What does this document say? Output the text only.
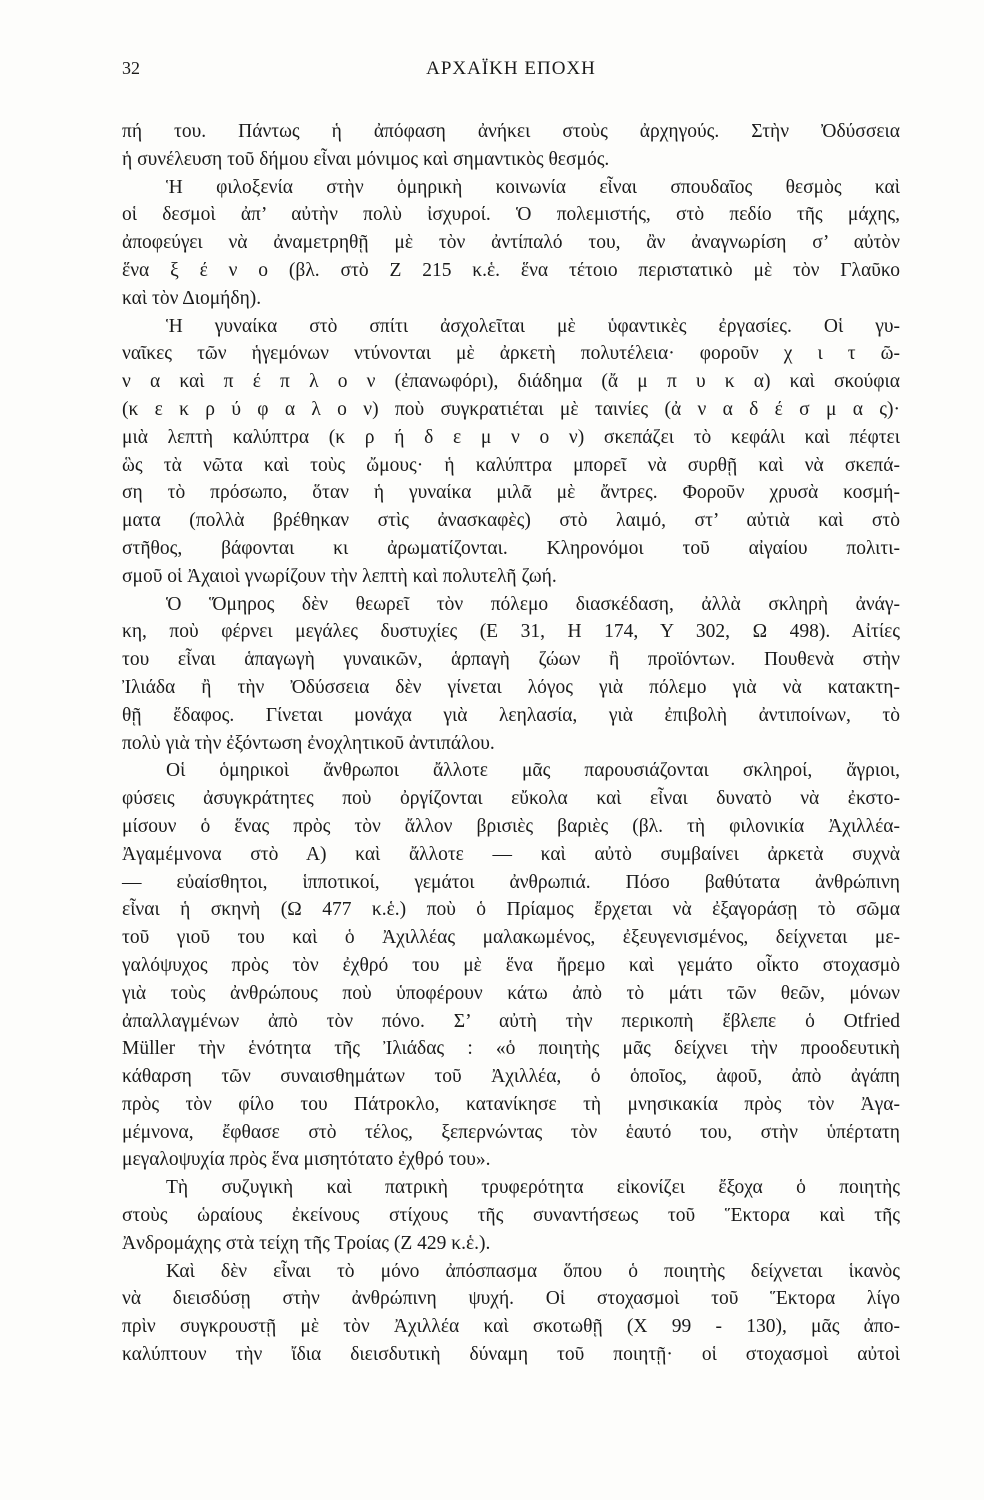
32	ΑΡΧΑΪΚΗ ΕΠΟΧΗ
πή του. Πάντως ἡ ἀπόφαση ἀνήκει στοὺς ἀρχηγούς. Στὴν Ὀδύσσεια
ἡ συνέλευση τοῦ δήμου εἶναι μόνιμος καὶ σημαντικὸς θεσμός.
Ἡ φιλοξενία στὴν ὁμηρικὴ κοινωνία εἶναι σπουδαῖος θεσμὸς καὶ
οἱ δεσμοὶ ἀπ’ αὐτὴν πολὺ ἰσχυροί. Ὁ πολεμιστής, στὸ πεδίο τῆς μάχης,
ἀποφεύγει νὰ ἀναμετρηθῇ μὲ τὸν ἀντίπαλό του, ἂν ἀναγνωρίση σ’ αὐτὸν
ἕνα ξ έ ν ο (βλ. στὸ Ζ 215 κ.ἑ. ἕνα τέτοιο περιστατικὸ μὲ τὸν Γλαῦκο
καὶ τὸν Διομήδη).
Ἡ γυναίκα στὸ σπίτι ἀσχολεῖται μὲ ὑφαντικὲς ἐργασίες. Οἱ γυ-
ναῖκες τῶν ἡγεμόνων ντύνονται μὲ ἀρκετὴ πολυτέλεια· φοροῦν χ ι τ ῶ-
ν α καὶ π έ π λ ο ν (ἐπανωφόρι), διάδημα (ἄ μ π υ κ α) καὶ σκούφια
(κ ε κ ρ ύ φ α λ ο ν) ποὺ συγκρατιέται μὲ ταινίες (ἀ ν α δ έ σ μ α ς)·
μιὰ λεπτὴ καλύπτρα (κ ρ ή δ ε μ ν ο ν) σκεπάζει τὸ κεφάλι καὶ πέφτει
ὣς τὰ νῶτα καὶ τοὺς ὤμους· ἡ καλύπτρα μπορεῖ νὰ συρθῇ καὶ νὰ σκεπά-
ση τὸ πρόσωπο, ὅταν ἡ γυναίκα μιλᾶ μὲ ἄντρες. Φοροῦν χρυσὰ κοσμή-
ματα (πολλὰ βρέθηκαν στὶς ἀνασκαφὲς) στὸ λαιμό, στ’ αὐτιὰ καὶ στὸ
στῆθος, βάφονται κι ἀρωματίζονται. Κληρονόμοι τοῦ αἰγαίου πολιτι-
σμοῦ οἱ Ἀχαιοὶ γνωρίζουν τὴν λεπτὴ καὶ πολυτελῆ ζωή.
Ὁ Ὅμηρος δὲν θεωρεῖ τὸν πόλεμο διασκέδαση, ἀλλὰ σκληρὴ ἀνάγ-
κη, ποὺ φέρνει μεγάλες δυστυχίες (Ε 31, Η 174, Υ 302, Ω 498). Αἰτίες
του εἶναι ἁπαγωγὴ γυναικῶν, ἁρπαγὴ ζώων ἢ προϊόντων. Πουθενὰ στὴν
Ἰλιάδα ἢ τὴν Ὀδύσσεια δὲν γίνεται λόγος γιὰ πόλεμο γιὰ νὰ κατακτη-
θῇ ἔδαφος. Γίνεται μονάχα γιὰ λεηλασία, γιὰ ἐπιβολὴ ἀντιποίνων, τὸ
πολὺ γιὰ τὴν ἐξόντωση ἐνοχλητικοῦ ἀντιπάλου.
Οἱ ὁμηρικοὶ ἄνθρωποι ἄλλοτε μᾶς παρουσιάζονται σκληροί, ἄγριοι,
φύσεις ἀσυγκράτητες ποὺ ὀργίζονται εὔκολα καὶ εἶναι δυνατὸ νὰ ἐκστο-
μίσουν ὁ ἕνας πρὸς τὸν ἄλλον βρισιὲς βαριὲς (βλ. τὴ φιλονικία Ἀχιλλέα-
Ἀγαμέμνονα στὸ Α) καὶ ἄλλοτε — καὶ αὐτὸ συμβαίνει ἀρκετὰ συχνὰ
— εὐαίσθητοι, ἱπποτικοί, γεμάτοι ἀνθρωπιά. Πόσο βαθύτατα ἀνθρώπινη
εἶναι ἡ σκηνὴ (Ω 477 κ.ἑ.) ποὺ ὁ Πρίαμος ἔρχεται νὰ ἐξαγοράσῃ τὸ σῶμα
τοῦ γιοῦ του καὶ ὁ Ἀχιλλέας μαλακωμένος, ἐξευγενισμένος, δείχνεται με-
γαλόψυχος πρὸς τὸν ἐχθρό του μὲ ἕνα ἤρεμο καὶ γεμάτο οἶκτο στοχασμὸ
γιὰ τοὺς ἀνθρώπους ποὺ ὑποφέρουν κάτω ἀπὸ τὸ μάτι τῶν θεῶν, μόνων
ἀπαλλαγμένων ἀπὸ τὸν πόνο. Σ’ αὐτὴ τὴν περικοπὴ ἔβλεπε ὁ Otfried
Müller τὴν ἑνότητα τῆς Ἰλιάδας : «ὁ ποιητὴς μᾶς δείχνει τὴν προοδευτικὴ
κάθαρση τῶν συναισθημάτων τοῦ Ἀχιλλέα, ὁ ὁποῖος, ἀφοῦ, ἀπὸ ἀγάπη
πρὸς τὸν φίλο του Πάτροκλο, κατανίκησε τὴ μνησικακία πρὸς τὸν Ἀγα-
μέμνονα, ἔφθασε στὸ τέλος, ξεπερνώντας τὸν ἑαυτό του, στὴν ὑπέρτατη
μεγαλοψυχία πρὸς ἕνα μισητότατο ἐχθρό του».
Τὴ συζυγικὴ καὶ πατρικὴ τρυφερότητα εἰκονίζει ἔξοχα ὁ ποιητὴς
στοὺς ὡραίους ἐκείνους στίχους τῆς συναντήσεως τοῦ Ἕκτορα καὶ τῆς
Ἀνδρομάχης στὰ τείχη τῆς Τροίας (Ζ 429 κ.ἑ.).
Καὶ δὲν εἶναι τὸ μόνο ἀπόσπασμα ὅπου ὁ ποιητὴς δείχνεται ἱκανὸς
νὰ διεισδύσῃ στὴν ἀνθρώπινη ψυχή. Οἱ στοχασμοὶ τοῦ Ἕκτορα λίγο
πρὶν συγκρουστῇ μὲ τὸν Ἀχιλλέα καὶ σκοτωθῇ (Χ 99 - 130), μᾶς ἀπο-
καλύπτουν τὴν ἴδια διεισδυτικὴ δύναμη τοῦ ποιητῇ· οἱ στοχασμοὶ αὐτοὶ
